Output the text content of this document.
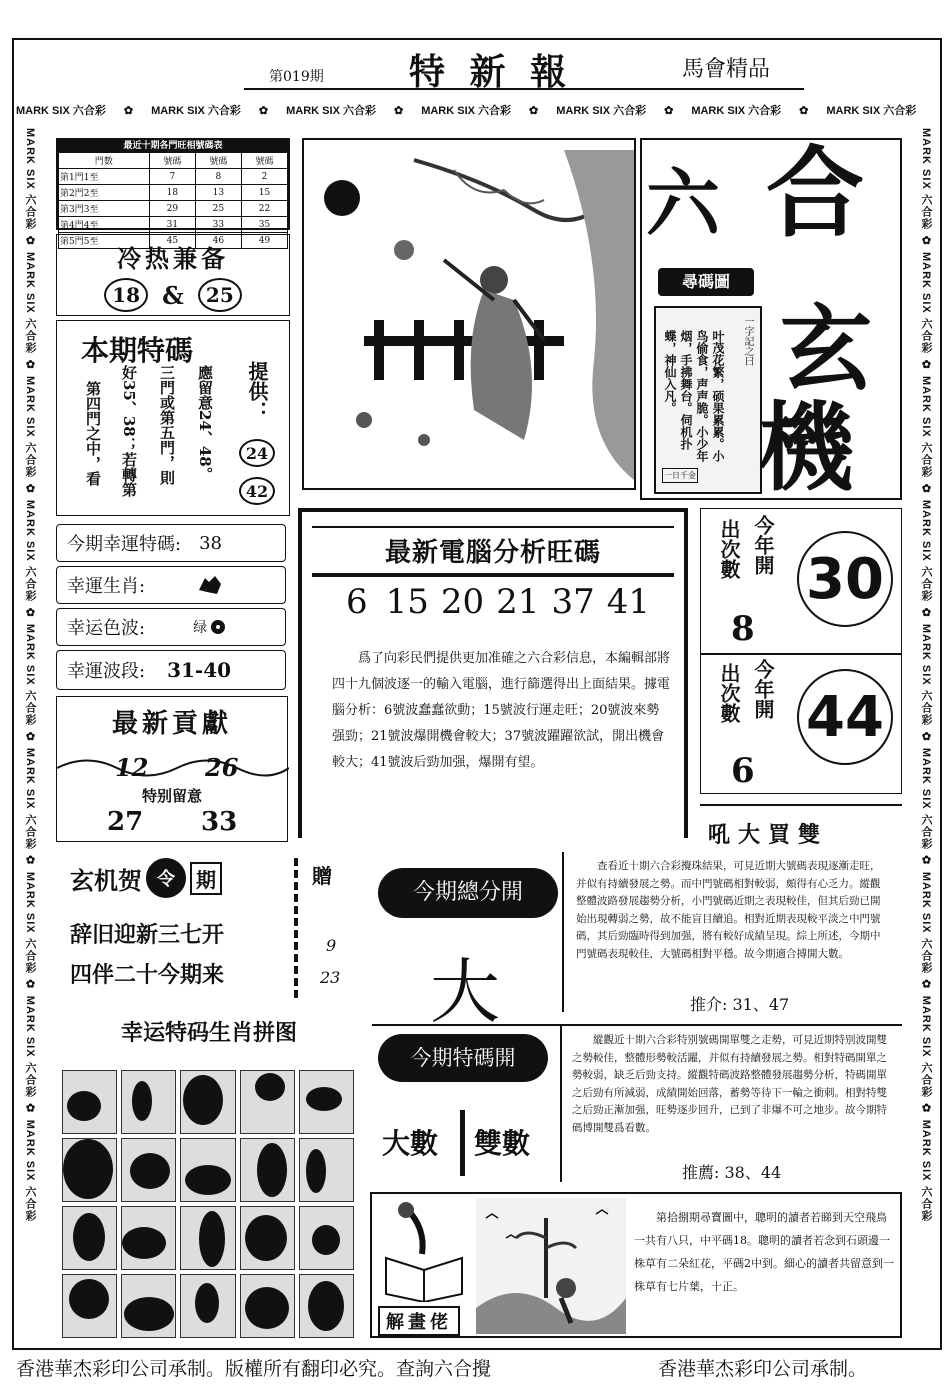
第019期 特 新 報	馬會精品
MARK SIX 六合彩 ✿ MARK SIX 六合彩 ✿ MARK SIX 六合彩 ✿ MARK SIX 六合彩 ✿ MARK SIX 六合彩 ✿ MARK SIX 六合彩 ✿ MARK SIX 六合彩
MARK SIX 六合彩 ✿ MARK SIX 六合彩 ✿ MARK SIX 六合彩 ✿ MARK SIX 六合彩 ✿ MARK SIX 六合彩 ✿ MARK SIX 六合彩 ✿ MARK SIX 六合彩 ✿ MARK SIX 六合彩 ✿ MARK SIX 六合彩
MARK SIX 六合彩 ✿ MARK SIX 六合彩 ✿ MARK SIX 六合彩 ✿ MARK SIX 六合彩 ✿ MARK SIX 六合彩 ✿ MARK SIX 六合彩 ✿ MARK SIX 六合彩 ✿ MARK SIX 六合彩 ✿ MARK SIX 六合彩
最近十期各門旺相號碼表
門數	號碼	號碼	號碼
第1門1至	7	8	2
第2門2至	18	13	15
第3門3至	29	25	22
第4門4至	31	33	35
第5門5至	45	46	49
冷热兼备
18 &	25
本期特碼
應留意24、48。
三門或第五門，則
好35、38；若轉第
第四門之中，看	提供：
24
42
今期幸運特碼: 38
幸運生肖:
幸运色波:	绿
幸運波段: 31-40
最新貢獻
12 26
特别留意
27 33
玄机贺 令	期
辞旧迎新三七开
四伴二十今期来
贈
9
23
幸运特码生肖拼图
六 合
尋碼圖
一字記之曰
叶茂花繁，硕果累累。小鸟偷食，声声脆。小少年烟，手拂舞台。伺机扑蝶，神仙入凡。
一日千金
玄
機
最新電腦分析旺碼
6 15 20 21 37 41
爲了向彩民們提供更加准確之六合彩信息，本編輯部將四十九個波逐一的輸入電腦，進行篩選得出上面結果。據電腦分析：6號波蠢蠢欲動；15號波行運走旺；20號波來勢强勁；21號波爆開機會較大；37號波躍躍欲試，開出機會較大；41號波后勁加强，爆開有望。
今年開
出次數
8
30
今年開
出次數
6
44
吼大買雙
今期總分開
大
查看近十期六合彩攪珠結果，可見近期大號碼表現逐漸走旺，并似有持續發展之勢。而中門號碼相對較弱，頗得有心乏力。縱觀整體波路發展趨勢分析，小門號碼近期之表現較佳，但其后勁已開始出現轉弱之勢，故不能盲目續追。相對近期表現較平淡之中門號碼，其后勁臨時得到加强，將有較好成績呈現。綜上所述，今期中門號碼表現較佳，大號碼相對平穩。故今期適合搏開大數。
推介: 31、47
今期特碼開
大數 雙數
縱觀近十期六合彩特别號碼開單雙之走勢，可見近期特别波開雙之勢較佳，整體形勢較活躍，并似有持續發展之勢。相對特碼開單之勢較弱，缺乏后勁支持。縱觀特碼波路整體發展趨勢分析，特碼開單之后勁有所減弱，成績開始回落，蓄勢等待下一輪之衝刺。相對特雙之后勁正漸加强，旺勢逐步回升，已到了非爆不可之地步。故今期特碼博開雙爲看數。
推薦: 38、44
解畫佬
第拾捌期尋寶圖中，聰明的讀者若睇到天空飛鳥一共有八只，中平碼18。聰明的讀者若念到石頭邊一株草有二朵紅花，平碼2中到。細心的讀者共留意到一株草有七片葉，十正。
香港華杰彩印公司承制。版權所有翻印必究。查詢六合攪	香港華杰彩印公司承制。
